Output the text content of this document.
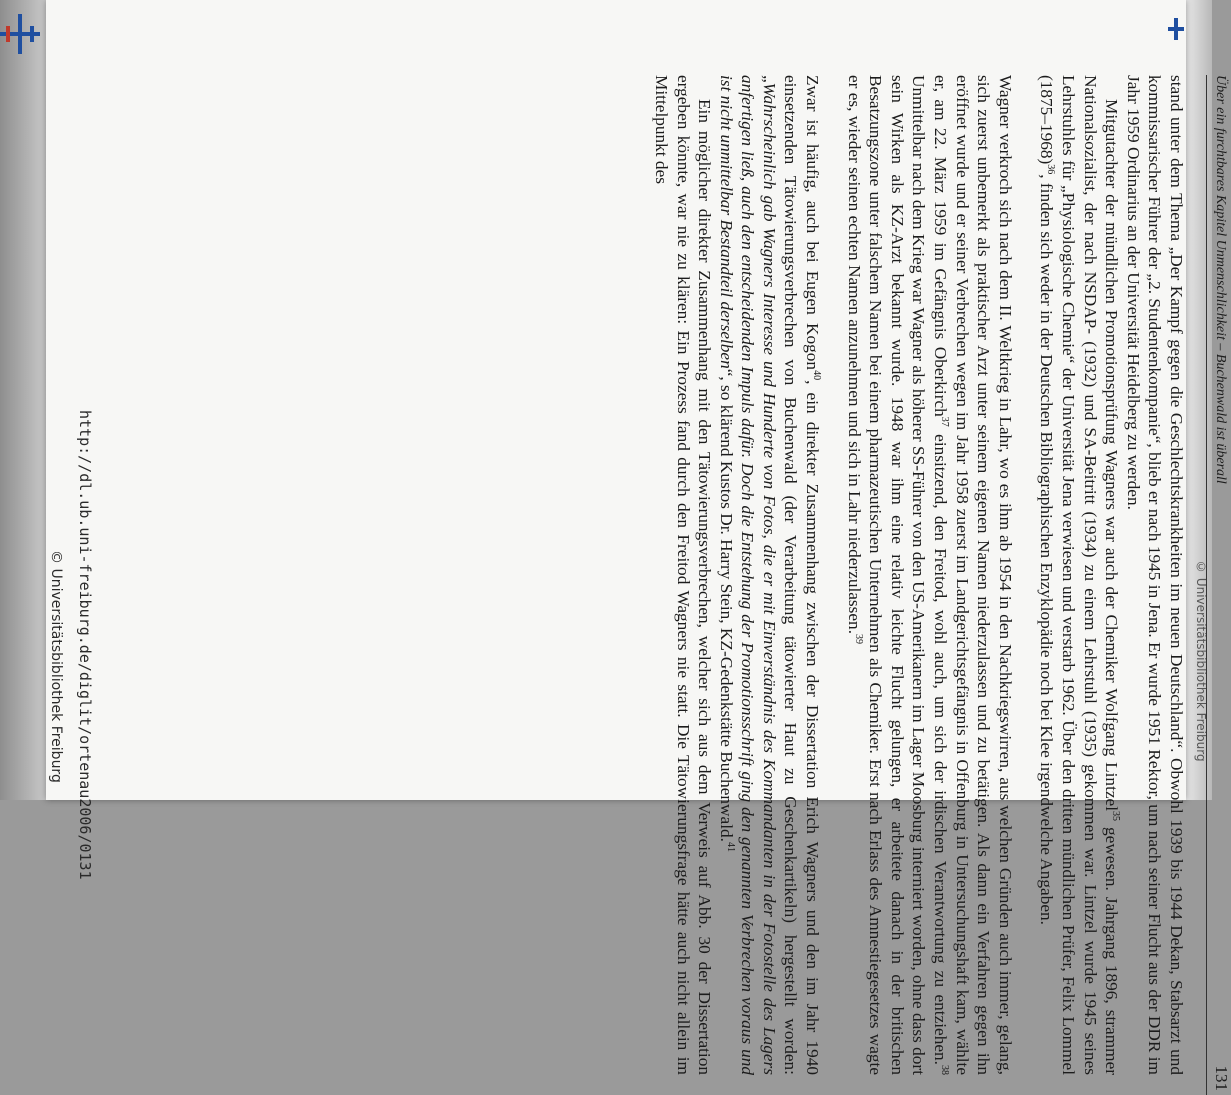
© Universitätsbibliothek Freiburg
Über ein furchtbares Kapitel Unmenschlichkeit – Buchenwald ist überall
131

stand unter dem Thema „Der Kampf gegen die Geschlechtskrankheiten im neuen Deutschland“. Obwohl 1939 bis 1944 Dekan, Stabsarzt und kommissarischer Führer der „2. Studentenkompanie“, blieb er nach 1945 in Jena. Er wurde 1951 Rektor, um nach seiner Flucht aus der DDR im Jahr 1959 Ordinarius an der Universität Heidelberg zu werden.

Mitgutachter der mündlichen Promotionsprüfung Wagners war auch der Chemiker Wolfgang Lintzel$^{35}$ gewesen. Jahrgang 1896, strammer Nationalsozialist, der nach NSDAP- (1932) und SA-Beitritt (1934) zu einem Lehrstuhl (1935) gekommen war. Lintzel wurde 1945 seines Lehrstuhles für „Physiologische Chemie“ der Universität Jena verwiesen und verstarb 1962. Über den dritten mündlichen Prüfer, Felix Lommel (1875–1968)$^{36}$, finden sich weder in der Deutschen Bibliographischen Enzyklopädie noch bei Klee irgendwelche Angaben.

Wagner verkroch sich nach dem II. Weltkrieg in Lahr, wo es ihm ab 1954 in den Nachkriegswirren, aus welchen Gründen auch immer, gelang, sich zuerst unbemerkt als praktischer Arzt unter seinem eigenen Namen niederzulassen und zu betätigen. Als dann ein Verfahren gegen ihn eröffnet wurde und er seiner Verbrechen wegen im Jahr 1958 zuerst im Landgerichtsgefängnis in Offenburg in Untersuchungshaft kam, wählte er, am 22. März 1959 im Gefängnis Oberkirch$^{37}$ einsitzend, den Freitod, wohl auch, um sich der irdischen Verantwortung zu entziehen.$^{38}$ Unmittelbar nach dem Krieg war Wagner als höherer SS-Führer von den US-Amerikanern im Lager Moosburg interniert worden, ohne dass dort sein Wirken als KZ-Arzt bekannt wurde. 1948 war ihm eine relativ leichte Flucht gelungen, er arbeitete danach in der britischen Besatzungszone unter falschem Namen bei einem pharmazeutischen Unternehmen als Chemiker. Erst nach Erlass des Amnestiegesetzes wagte er es, wieder seinen echten Namen anzunehmen und sich in Lahr niederzulassen.$^{39}$

Zwar ist häufig, auch bei Eugen Kogon$^{40}$, ein direkter Zusammenhang zwischen der Dissertation Erich Wagners und den im Jahr 1940 einsetzenden Tätowierungsverbrechen von Buchenwald (der Verarbeitung tätowierter Haut zu Geschenkartikeln) hergestellt worden: „Wahrscheinlich gab Wagners Interesse und Hunderte von Fotos, die er mit Einverständnis des Kommandanten in der Fotostelle des Lagers anfertigen ließ, auch den entscheidenden Impuls dafür. Doch die Entstehung der Promotionsschrift ging den genannten Verbrechen voraus und ist nicht unmittelbar Bestandteil derselben“, so klärend Kustos Dr. Harry Stein, KZ-Gedenkstätte Buchenwald.$^{41}$

Ein möglicher direkter Zusammenhang mit den Tätowierungsverbrechen, welcher sich aus dem Verweis auf Abb. 30 der Dissertation ergeben könnte, war nie zu klären: Ein Prozess fand durch den Freitod Wagners nie statt. Die Tätowierungsfrage hätte auch nicht allein im Mittelpunkt des

http://dl.ub.uni-freiburg.de/diglit/ortenau2006/0131
© Universitätsbibliothek Freiburg
